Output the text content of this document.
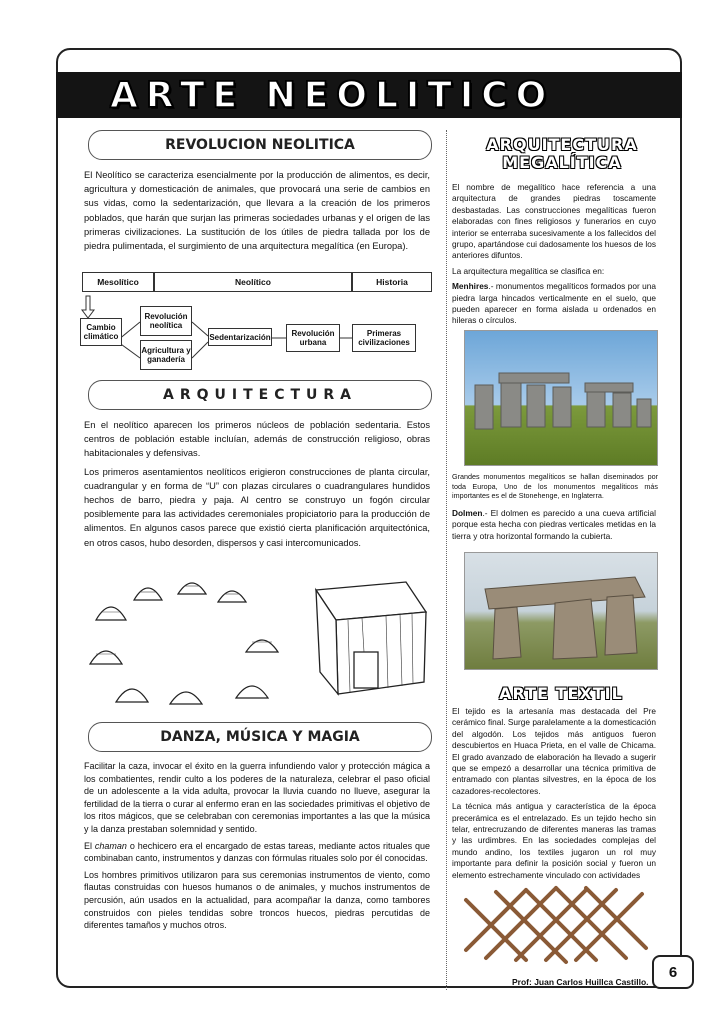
ARTE NEOLITICO
REVOLUCION NEOLITICA

El Neolítico se caracteriza esencialmente por la producción de alimentos, es decir, agricultura y domesticación de animales, que provocará una serie de cambios en sus vidas, como la sedentarización, que llevara a la creación de los primeros poblados, que harán que surjan las primeras sociedades urbanas y el origen de las primeras civilizaciones. La sustitución de los útiles de piedra tallada por los de piedra pulimentada, el surgimiento de una arquitectura megalítica (en Europa).

Mesolítico	Neolítico	Historia
Cambio climático
Revolución neolítica
Agricultura y ganadería
Sedentarización	Revolución urbana
Primeras civilizaciones
ARQUITECTURA

En el neolítico aparecen los primeros núcleos de población sedentaria. Estos centros de población estable incluían, además de construcción religioso, obras habitacionales y defensivas.

Los primeros asentamientos neolíticos erigieron construcciones de planta circular, cuadrangular y en forma de “U” con plazas circulares o cuadrangulares hundidos hechos de barro, piedra y paja. Al centro se construyo un fogón circular posiblemente para las actividades ceremoniales propiciatorio para la producción de alimentos. En algunos casos parece que existió cierta planificación arquitectónica, en otros casos, hubo desorden, dispersos y casi intercomunicados.

DANZA, MÚSICA Y MAGIA

Facilitar la caza, invocar el éxito en la guerra infundiendo valor y protección mágica a los combatientes, rendir culto a los poderes de la naturaleza, celebrar el paso oficial de un adolescente a la vida adulta, provocar la lluvia cuando no llueve, asegurar la fertilidad de la tierra o curar al enfermo eran en las sociedades primitivas el objetivo de los ritos mágicos, que se celebraban con ceremonias importantes a las que la música y la danza prestaban solemnidad y sentido.

El chaman o hechicero era el encargado de estas tareas, mediante actos rituales que combinaban canto, instrumentos y danzas con fórmulas rituales solo por él conocidas.

Los hombres primitivos utilizaron para sus ceremonias instrumentos de viento, como flautas construidas con huesos humanos o de animales, y muchos instrumentos de percusión, aún usados en la actualidad, para acompañar la danza, como tambores construidos con pieles tendidas sobre troncos huecos, piedras percutidas de diferentes tamaños y muchos otros.

ARQUITECTURA MEGALÍTICA

El nombre de megalítico hace referencia a una arquitectura de grandes piedras toscamente desbastadas. Las construcciones megalíticas fueron elaboradas con fines religiosos y funerarios en cuyo interior se enterraba sucesivamente a los fallecidos del grupo, apartándose cui dadosamente los huesos de los anteriores difuntos.

La arquitectura megalítica se clasifica en:

Menhires.- monumentos megalíticos formados por una piedra larga hincados verticalmente en el suelo, que pueden aparecer en forma aislada u ordenados en hileras o círculos.

Grandes monumentos megalíticos se hallan diseminados por toda Europa, Uno de los monumentos megalíticos más importantes es el de Stonehenge, en Inglaterra.

Dolmen.- El dolmen es parecido a una cueva artificial porque esta hecha con piedras verticales metidas en la tierra y otra horizontal formando la cubierta.

ARTE TEXTIL

El tejido es la artesanía mas destacada del Pre cerámico final. Surge paralelamente a la domesticación del algodón. Los tejidos más antiguos fueron descubiertos en Huaca Prieta, en el valle de Chicama. El grado avanzado de elaboración ha llevado a sugerir que se empezó a desarrollar una técnica primitiva de entramado con plantas silvestres, en la época de los cazadores-recolectores.

La técnica más antigua y característica de la época precerámica es el entrelazado. Es un tejido hecho sin telar, entrecruzando de diferentes maneras las tramas y las urdimbres. En las sociedades complejas del mundo andino, los textiles jugaron un rol muy importante para definir la posición social y fueron un elemento estrechamente vinculado con actividades

6
Prof: Juan Carlos Huillca Castillo.
